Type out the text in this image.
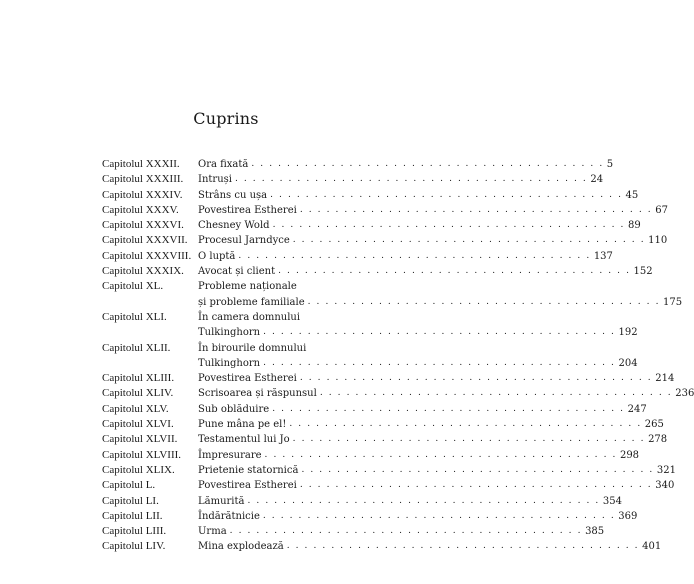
Cuprins
Capitolul XXXII.	Ora fixată . . . . . . . . . . . . . . . . . . . . . . . . . . . . . . . . . . . . . . . . 5
Capitolul XXXIII.	Intruși . . . . . . . . . . . . . . . . . . . . . . . . . . . . . . . . . . . . . . . . 24
Capitolul XXXIV.	Strâns cu ușa . . . . . . . . . . . . . . . . . . . . . . . . . . . . . . . . . . . . . . . . 45
Capitolul XXXV.	Povestirea Estherei . . . . . . . . . . . . . . . . . . . . . . . . . . . . . . . . . . . . . . . . 67
Capitolul XXXVI.	Chesney Wold . . . . . . . . . . . . . . . . . . . . . . . . . . . . . . . . . . . . . . . . 89
Capitolul XXXVII.	Procesul Jarndyce . . . . . . . . . . . . . . . . . . . . . . . . . . . . . . . . . . . . . . . . 110
Capitolul XXXVIII. O luptă . . . . . . . . . . . . . . . . . . . . . . . . . . . . . . . . . . . . . . . . 137
Capitolul XXXIX.	Avocat și client . . . . . . . . . . . . . . . . . . . . . . . . . . . . . . . . . . . . . . . . 152
Capitolul XL.	Probleme naționale
și probleme familiale . . . . . . . . . . . . . . . . . . . . . . . . . . . . . . . . . . . . . . . . 175
Capitolul XLI.	În camera domnului
Tulkinghorn . . . . . . . . . . . . . . . . . . . . . . . . . . . . . . . . . . . . . . . . 192
Capitolul XLII.	În birourile domnului
Tulkinghorn . . . . . . . . . . . . . . . . . . . . . . . . . . . . . . . . . . . . . . . . 204
Capitolul XLIII.	Povestirea Estherei . . . . . . . . . . . . . . . . . . . . . . . . . . . . . . . . . . . . . . . . 214
Capitolul XLIV.	Scrisoarea și răspunsul . . . . . . . . . . . . . . . . . . . . . . . . . . . . . . . . . . . . . . . . 236
Capitolul XLV.	Sub oblăduire . . . . . . . . . . . . . . . . . . . . . . . . . . . . . . . . . . . . . . . . 247
Capitolul XLVI.	Pune mâna pe el! . . . . . . . . . . . . . . . . . . . . . . . . . . . . . . . . . . . . . . . . 265
Capitolul XLVII.	Testamentul lui Jo . . . . . . . . . . . . . . . . . . . . . . . . . . . . . . . . . . . . . . . . 278
Capitolul XLVIII.	Împresurare . . . . . . . . . . . . . . . . . . . . . . . . . . . . . . . . . . . . . . . . 298
Capitolul XLIX.	Prietenie statornică . . . . . . . . . . . . . . . . . . . . . . . . . . . . . . . . . . . . . . . . 321
Capitolul L.	Povestirea Estherei . . . . . . . . . . . . . . . . . . . . . . . . . . . . . . . . . . . . . . . . 340
Capitolul LI.	Lămurită . . . . . . . . . . . . . . . . . . . . . . . . . . . . . . . . . . . . . . . . 354
Capitolul LII.	Îndărătnicie . . . . . . . . . . . . . . . . . . . . . . . . . . . . . . . . . . . . . . . . 369
Capitolul LIII.	Urma . . . . . . . . . . . . . . . . . . . . . . . . . . . . . . . . . . . . . . . . 385
Capitolul LIV.	Mina explodează . . . . . . . . . . . . . . . . . . . . . . . . . . . . . . . . . . . . . . . . 401
